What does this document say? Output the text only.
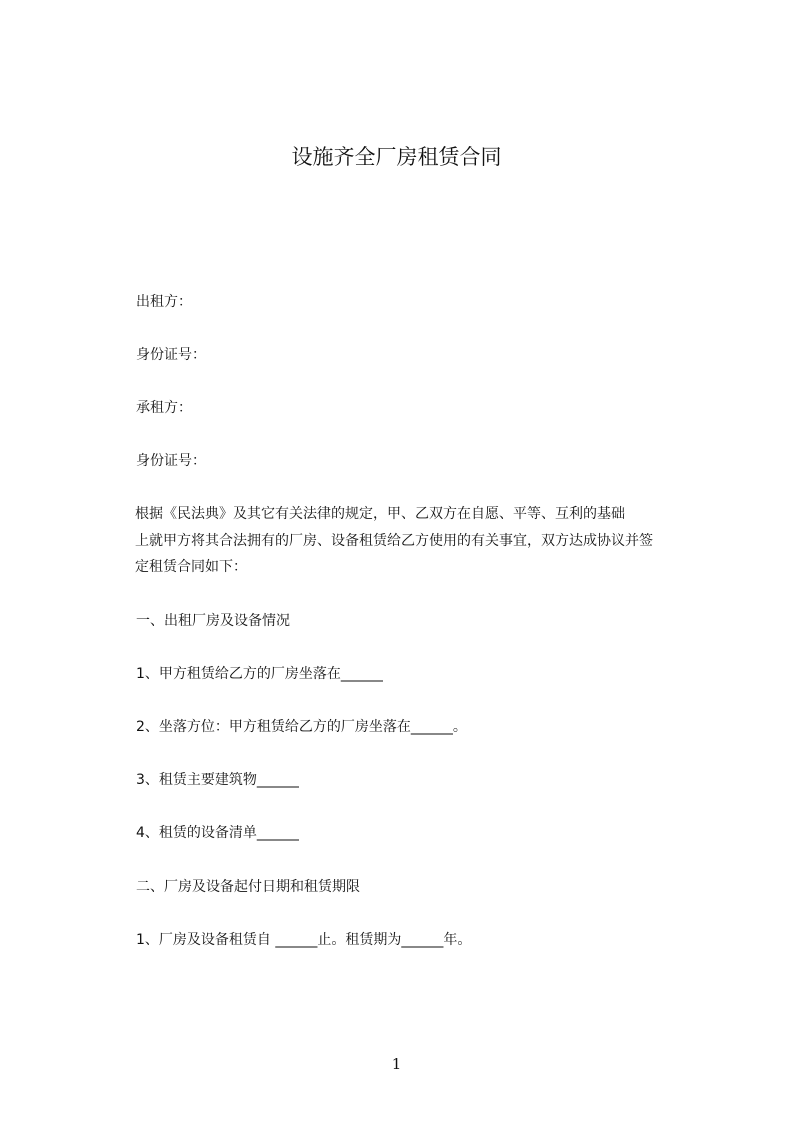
设施齐全厂房租赁合同
出租方：
身份证号：
承租方：
身份证号：
根据《民法典》及其它有关法律的规定，甲、乙双方在自愿、平等、互利的基础
上就甲方将其合法拥有的厂房、设备租赁给乙方使用的有关事宜，双方达成协议并签
定租赁合同如下：
一、出租厂房及设备情况
1、甲方租赁给乙方的厂房坐落在______
2、坐落方位：甲方租赁给乙方的厂房坐落在______。
3、租赁主要建筑物______
4、租赁的设备清单______
二、厂房及设备起付日期和租赁期限
1、厂房及设备租赁自 ______止。租赁期为______年。
1
